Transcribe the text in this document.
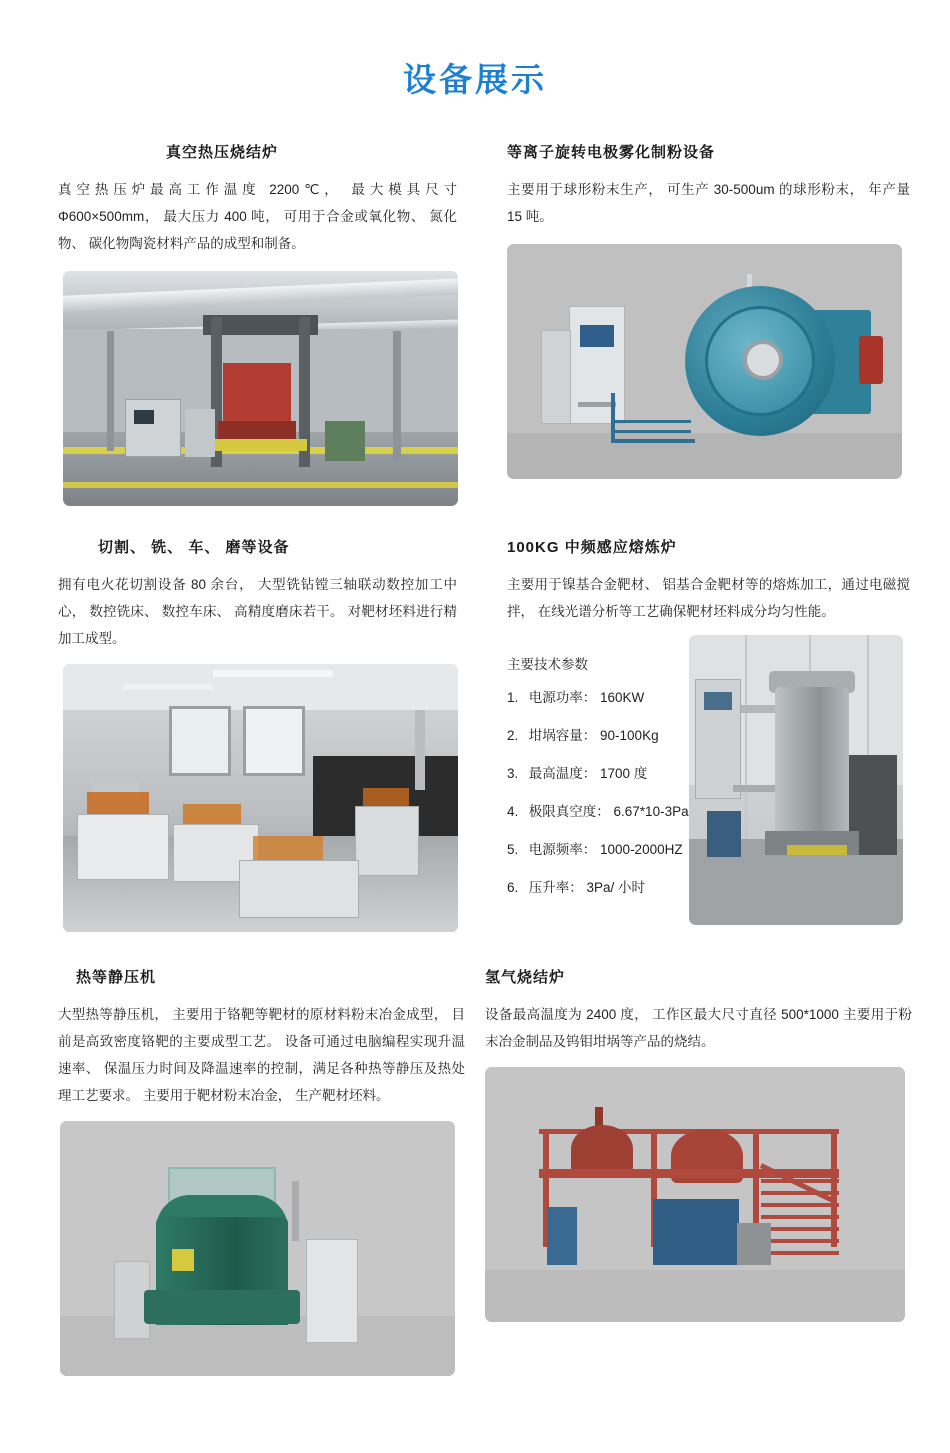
设备展示
真空热压烧结炉

真空热压炉最高工作温度 2200℃， 最大模具尺寸 Φ600×500mm， 最大压力 400 吨， 可用于合金或氧化物、 氮化物、 碳化物陶瓷材料产品的成型和制备。

等离子旋转电极雾化制粉设备

主要用于球形粉末生产， 可生产 30-500um 的球形粉末， 年产量 15 吨。

切割、 铣、 车、 磨等设备

拥有电火花切割设备 80 余台， 大型铣钻镗三轴联动数控加工中心， 数控铣床、 数控车床、 高精度磨床若干。 对靶材坯料进行精加工成型。

100KG 中频感应熔炼炉

主要用于镍基合金靶材、 铝基合金靶材等的熔炼加工，通过电磁搅拌， 在线光谱分析等工艺确保靶材坯料成分均匀性能。

主要技术参数
1. 电源功率： 160KW
2. 坩埚容量： 90-100Kg
3. 最高温度： 1700 度
4. 极限真空度： 6.67*10-3Pa
5. 电源频率： 1000-2000HZ
6. 压升率： 3Pa/ 小时
热等静压机

大型热等静压机， 主要用于铬靶等靶材的原材料粉末冶金成型， 目前是高致密度铬靶的主要成型工艺。 设备可通过电脑编程实现升温速率、 保温压力时间及降温速率的控制，满足各种热等静压及热处理工艺要求。 主要用于靶材粉末冶金， 生产靶材坯料。

氢气烧结炉

设备最高温度为 2400 度， 工作区最大尺寸直径 500*1000 主要用于粉末冶金制品及钨钼坩埚等产品的烧结。
